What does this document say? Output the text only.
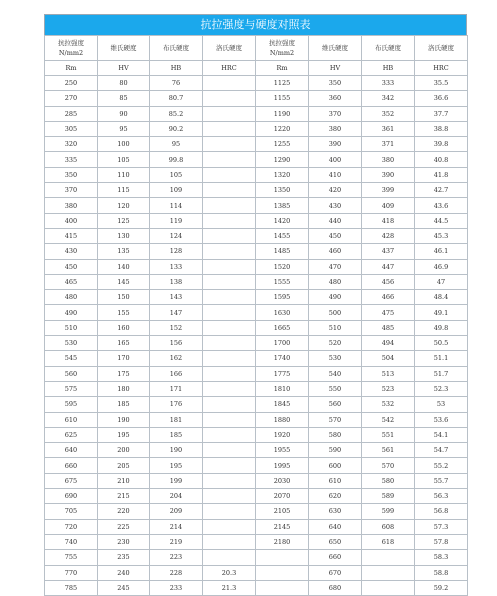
抗拉强度与硬度对照表
抗拉强度 N/mm2	维氏硬度	布氏硬度	洛氏硬度	抗拉强度 N/mm2	维氏硬度	布氏硬度	洛氏硬度
Rm	HV	HB	HRC	Rm	HV	HB	HRC
250	80	76		1125	350	333	35.5
270	85	80.7		1155	360	342	36.6
285	90	85.2		1190	370	352	37.7
305	95	90.2		1220	380	361	38.8
320	100	95		1255	390	371	39.8
335	105	99.8		1290	400	380	40.8
350	110	105		1320	410	390	41.8
370	115	109		1350	420	399	42.7
380	120	114		1385	430	409	43.6
400	125	119		1420	440	418	44.5
415	130	124		1455	450	428	45.3
430	135	128		1485	460	437	46.1
450	140	133		1520	470	447	46.9
465	145	138		1555	480	456	47
480	150	143		1595	490	466	48.4
490	155	147		1630	500	475	49.1
510	160	152		1665	510	485	49.8
530	165	156		1700	520	494	50.5
545	170	162		1740	530	504	51.1
560	175	166		1775	540	513	51.7
575	180	171		1810	550	523	52.3
595	185	176		1845	560	532	53
610	190	181		1880	570	542	53.6
625	195	185		1920	580	551	54.1
640	200	190		1955	590	561	54.7
660	205	195		1995	600	570	55.2
675	210	199		2030	610	580	55.7
690	215	204		2070	620	589	56.3
705	220	209		2105	630	599	56.8
720	225	214		2145	640	608	57.3
740	230	219		2180	650	618	57.8
755	235	223			660		58.3
770	240	228	20.3		670		58.8
785	245	233	21.3		680		59.2
